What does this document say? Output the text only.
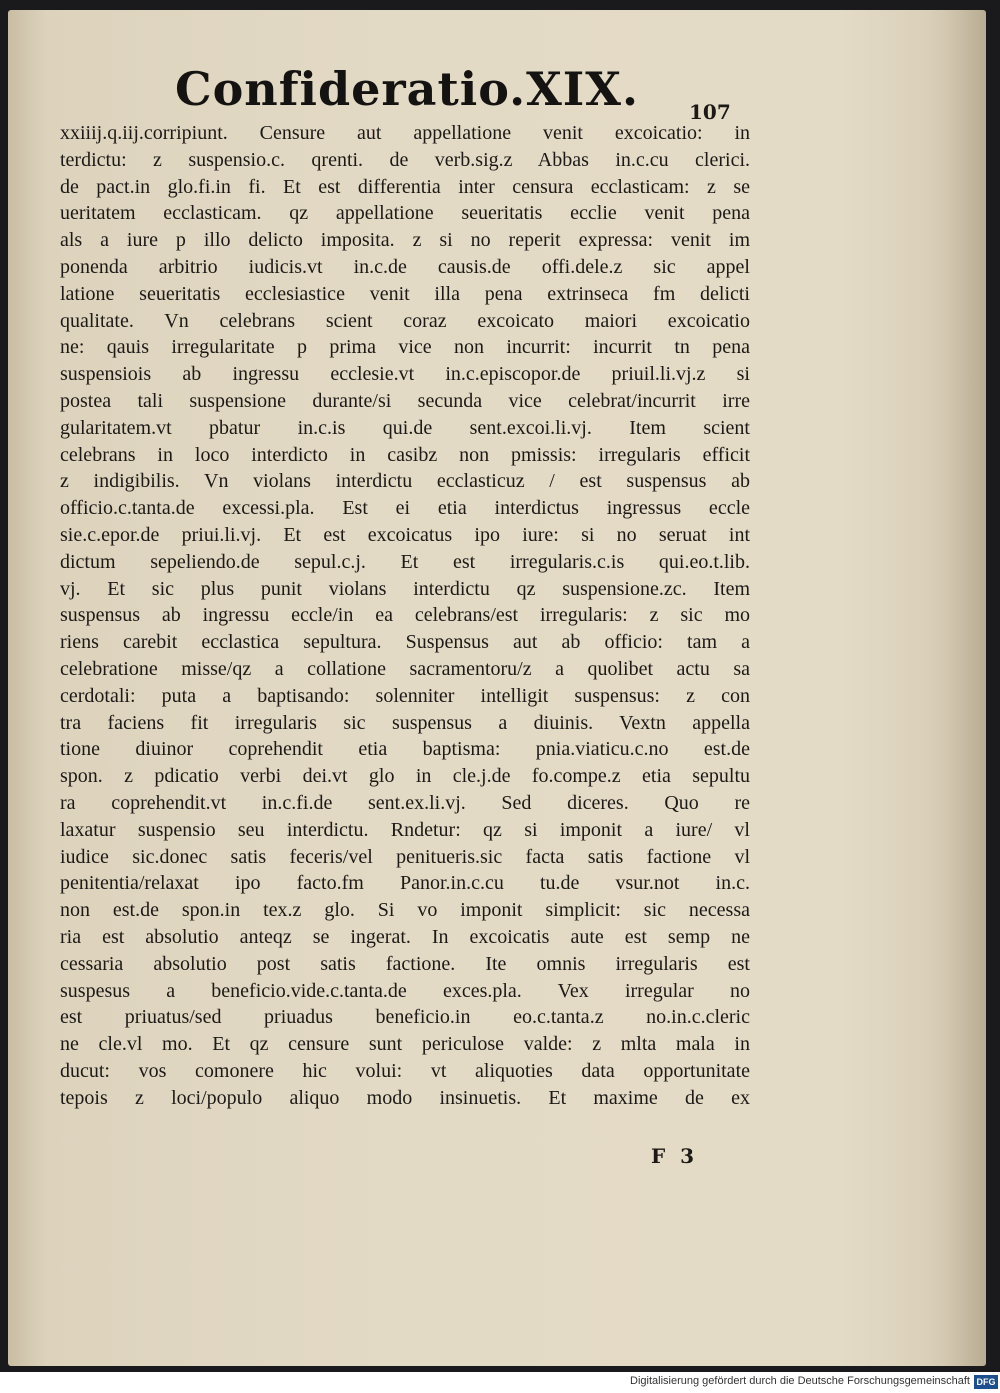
Confideratio.XIX.	107
xxiiij.q.iij.corripiunt. Censure aut appellatione venit excoicatio: in
terdictu: z suspensio.c. qrenti. de verb.sig.z Abbas in.c.cu clerici.
de pact.in glo.fi.in fi. Et est differentia inter censura ecclasticam: z se
ueritatem ecclasticam. qz appellatione seueritatis ecclie venit pena
als a iure p illo delicto imposita. z si no reperit expressa: venit im
ponenda arbitrio iudicis.vt in.c.de causis.de offi.dele.z sic appel
latione seueritatis ecclesiastice venit illa pena extrinseca fm delicti
qualitate. Vn celebrans scient coraz excoicato maiori excoicatio
ne: qauis irregularitate p prima vice non incurrit: incurrit tn pena
suspensiois ab ingressu ecclesie.vt in.c.episcopor.de priuil.li.vj.z si
postea tali suspensione durante/si secunda vice celebrat/incurrit irre
gularitatem.vt pbatur in.c.is qui.de sent.excoi.li.vj. Item scient
celebrans in loco interdicto in casibz non pmissis: irregularis efficit
z indigibilis. Vn violans interdictu ecclasticuz / est suspensus ab
officio.c.tanta.de excessi.pla. Est ei etia interdictus ingressus eccle
sie.c.epor.de priui.li.vj. Et est excoicatus ipo iure: si no seruat int
dictum sepeliendo.de sepul.c.j. Et est irregularis.c.is qui.eo.t.lib.
vj. Et sic plus punit violans interdictu qz suspensione.zc. Item
suspensus ab ingressu eccle/in ea celebrans/est irregularis: z sic mo
riens carebit ecclastica sepultura. Suspensus aut ab officio: tam a
celebratione misse/qz a collatione sacramentoru/z a quolibet actu sa
cerdotali: puta a baptisando: solenniter intelligit suspensus: z con
tra faciens fit irregularis sic suspensus a diuinis. Vextn appella
tione diuinor coprehendit etia baptisma: pnia.viaticu.c.no est.de
spon. z pdicatio verbi dei.vt glo in cle.j.de fo.compe.z etia sepultu
ra coprehendit.vt in.c.fi.de sent.ex.li.vj. Sed diceres. Quo re
laxatur suspensio seu interdictu. Rndetur: qz si imponit a iure/ vl
iudice sic.donec satis feceris/vel penitueris.sic facta satis factione vl
penitentia/relaxat ipo facto.fm Panor.in.c.cu tu.de vsur.not in.c.
non est.de spon.in tex.z glo. Si vo imponit simplicit: sic necessa
ria est absolutio anteqz se ingerat. In excoicatis aute est semp ne
cessaria absolutio post satis factione. Ite omnis irregularis est
suspesus a beneficio.vide.c.tanta.de exces.pla. Vex irregular no
est priuatus/sed priuadus beneficio.in eo.c.tanta.z no.in.c.cleric
ne cle.vl mo. Et qz censure sunt periculose valde: z mlta mala in
ducut: vos comonere hic volui: vt aliquoties data opportunitate
tepois z loci/populo aliquo modo insinuetis. Et maxime de ex
F 3
Digitalisierung gefördert durch die Deutsche Forschungsgemeinschaft DFG
